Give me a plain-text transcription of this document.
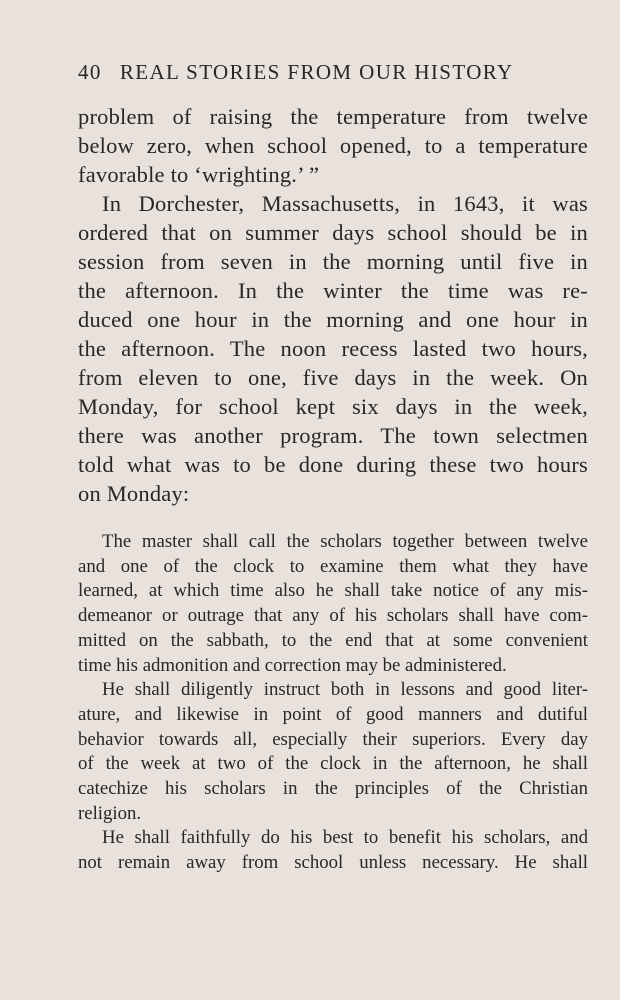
40 REAL STORIES FROM OUR HISTORY
problem of raising the temperature from twelve
below zero, when school opened, to a temperature
favorable to ‘wrighting.’ ”
In Dorchester, Massachusetts, in 1643, it was
ordered that on summer days school should be in
session from seven in the morning until five in
the afternoon. In the winter the time was re-
duced one hour in the morning and one hour in
the afternoon. The noon recess lasted two hours,
from eleven to one, five days in the week. On
Monday, for school kept six days in the week,
there was another program. The town selectmen
told what was to be done during these two hours
on Monday:
The master shall call the scholars together between twelve
and one of the clock to examine them what they have
learned, at which time also he shall take notice of any mis-
demeanor or outrage that any of his scholars shall have com-
mitted on the sabbath, to the end that at some convenient
time his admonition and correction may be administered.
He shall diligently instruct both in lessons and good liter-
ature, and likewise in point of good manners and dutiful
behavior towards all, especially their superiors. Every day
of the week at two of the clock in the afternoon, he shall
catechize his scholars in the principles of the Christian
religion.
He shall faithfully do his best to benefit his scholars, and
not remain away from school unless necessary. He shall
